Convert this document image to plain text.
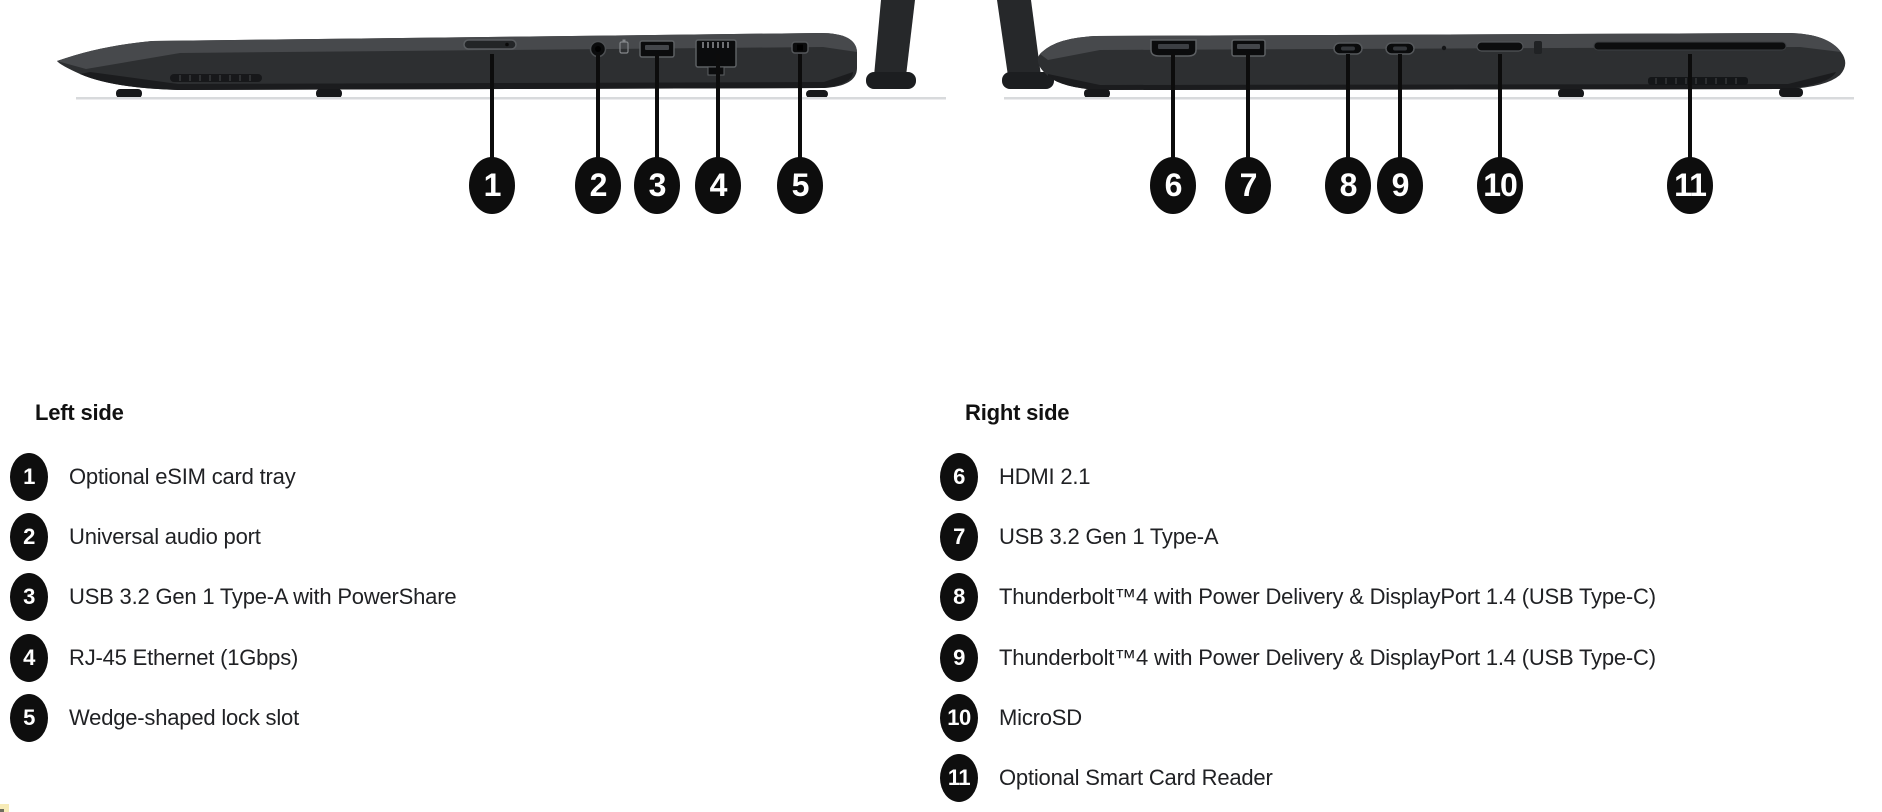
1	2 3 4 5	6 7	8 9 10	11
Left side
1 Optional eSIM card tray
2 Universal audio port
3 USB 3.2 Gen 1 Type-A with PowerShare
4 RJ-45 Ethernet (1Gbps)
5 Wedge-shaped lock slot
Right side
6 HDMI 2.1
7 USB 3.2 Gen 1 Type-A
8 Thunderbolt™4 with Power Delivery & DisplayPort 1.4 (USB Type-C)
9 Thunderbolt™4 with Power Delivery & DisplayPort 1.4 (USB Type-C)
10 MicroSD
11 Optional Smart Card Reader
